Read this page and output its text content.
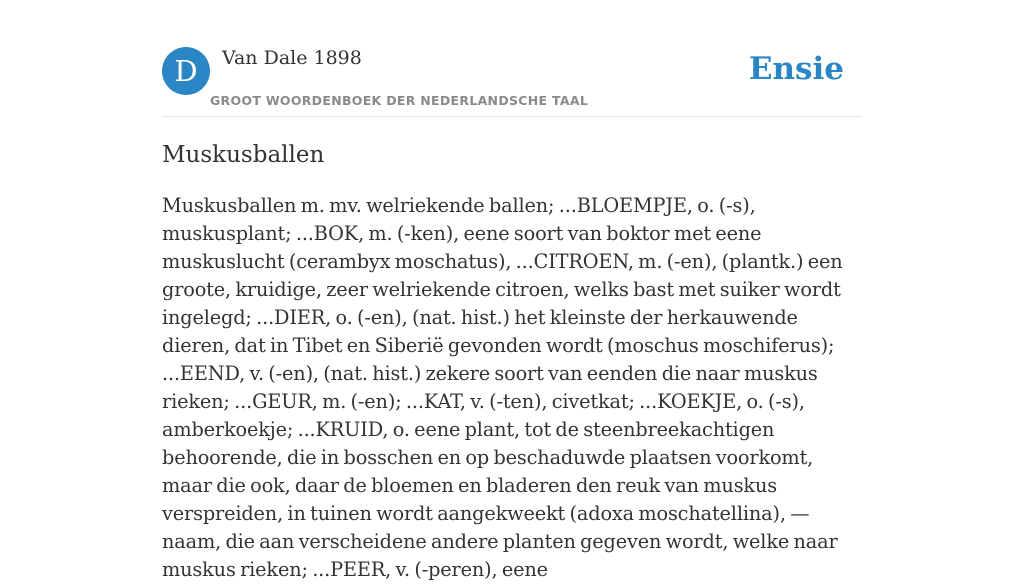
D	Van Dale 1898
GROOT WOORDENBOEK DER NEDERLANDSCHE TAAL
Ensie
Muskusballen

Muskusballen m. mv. welriekende ballen; ...BLOEMPJE, o. (-s), muskusplant; ...BOK, m. (-ken), eene soort van boktor met eene muskuslucht (cerambyx moschatus), ...CITROEN, m. (-en), (plantk.) een groote, kruidige, zeer welriekende citroen, welks bast met suiker wordt ingelegd; ...DIER, o. (-en), (nat. hist.) het kleinste der herkauwende dieren, dat in Tibet en Siberië gevonden wordt (moschus moschiferus); ...EEND, v. (-en), (nat. hist.) zekere soort van eenden die naar muskus rieken; ...GEUR, m. (-en); ...KAT, v. (-ten), civetkat; ...KOEKJE, o. (-s), amberkoekje; ...KRUID, o. eene plant, tot de steenbreekachtigen behoorende, die in bosschen en op beschaduwde plaatsen voorkomt, maar die ook, daar de bloemen en bladeren den reuk van muskus verspreiden, in tuinen wordt aangekweekt (adoxa moschatellina), — naam, die aan verscheidene andere planten gegeven wordt, welke naar muskus rieken; ...PEER, v. (-peren), eene
